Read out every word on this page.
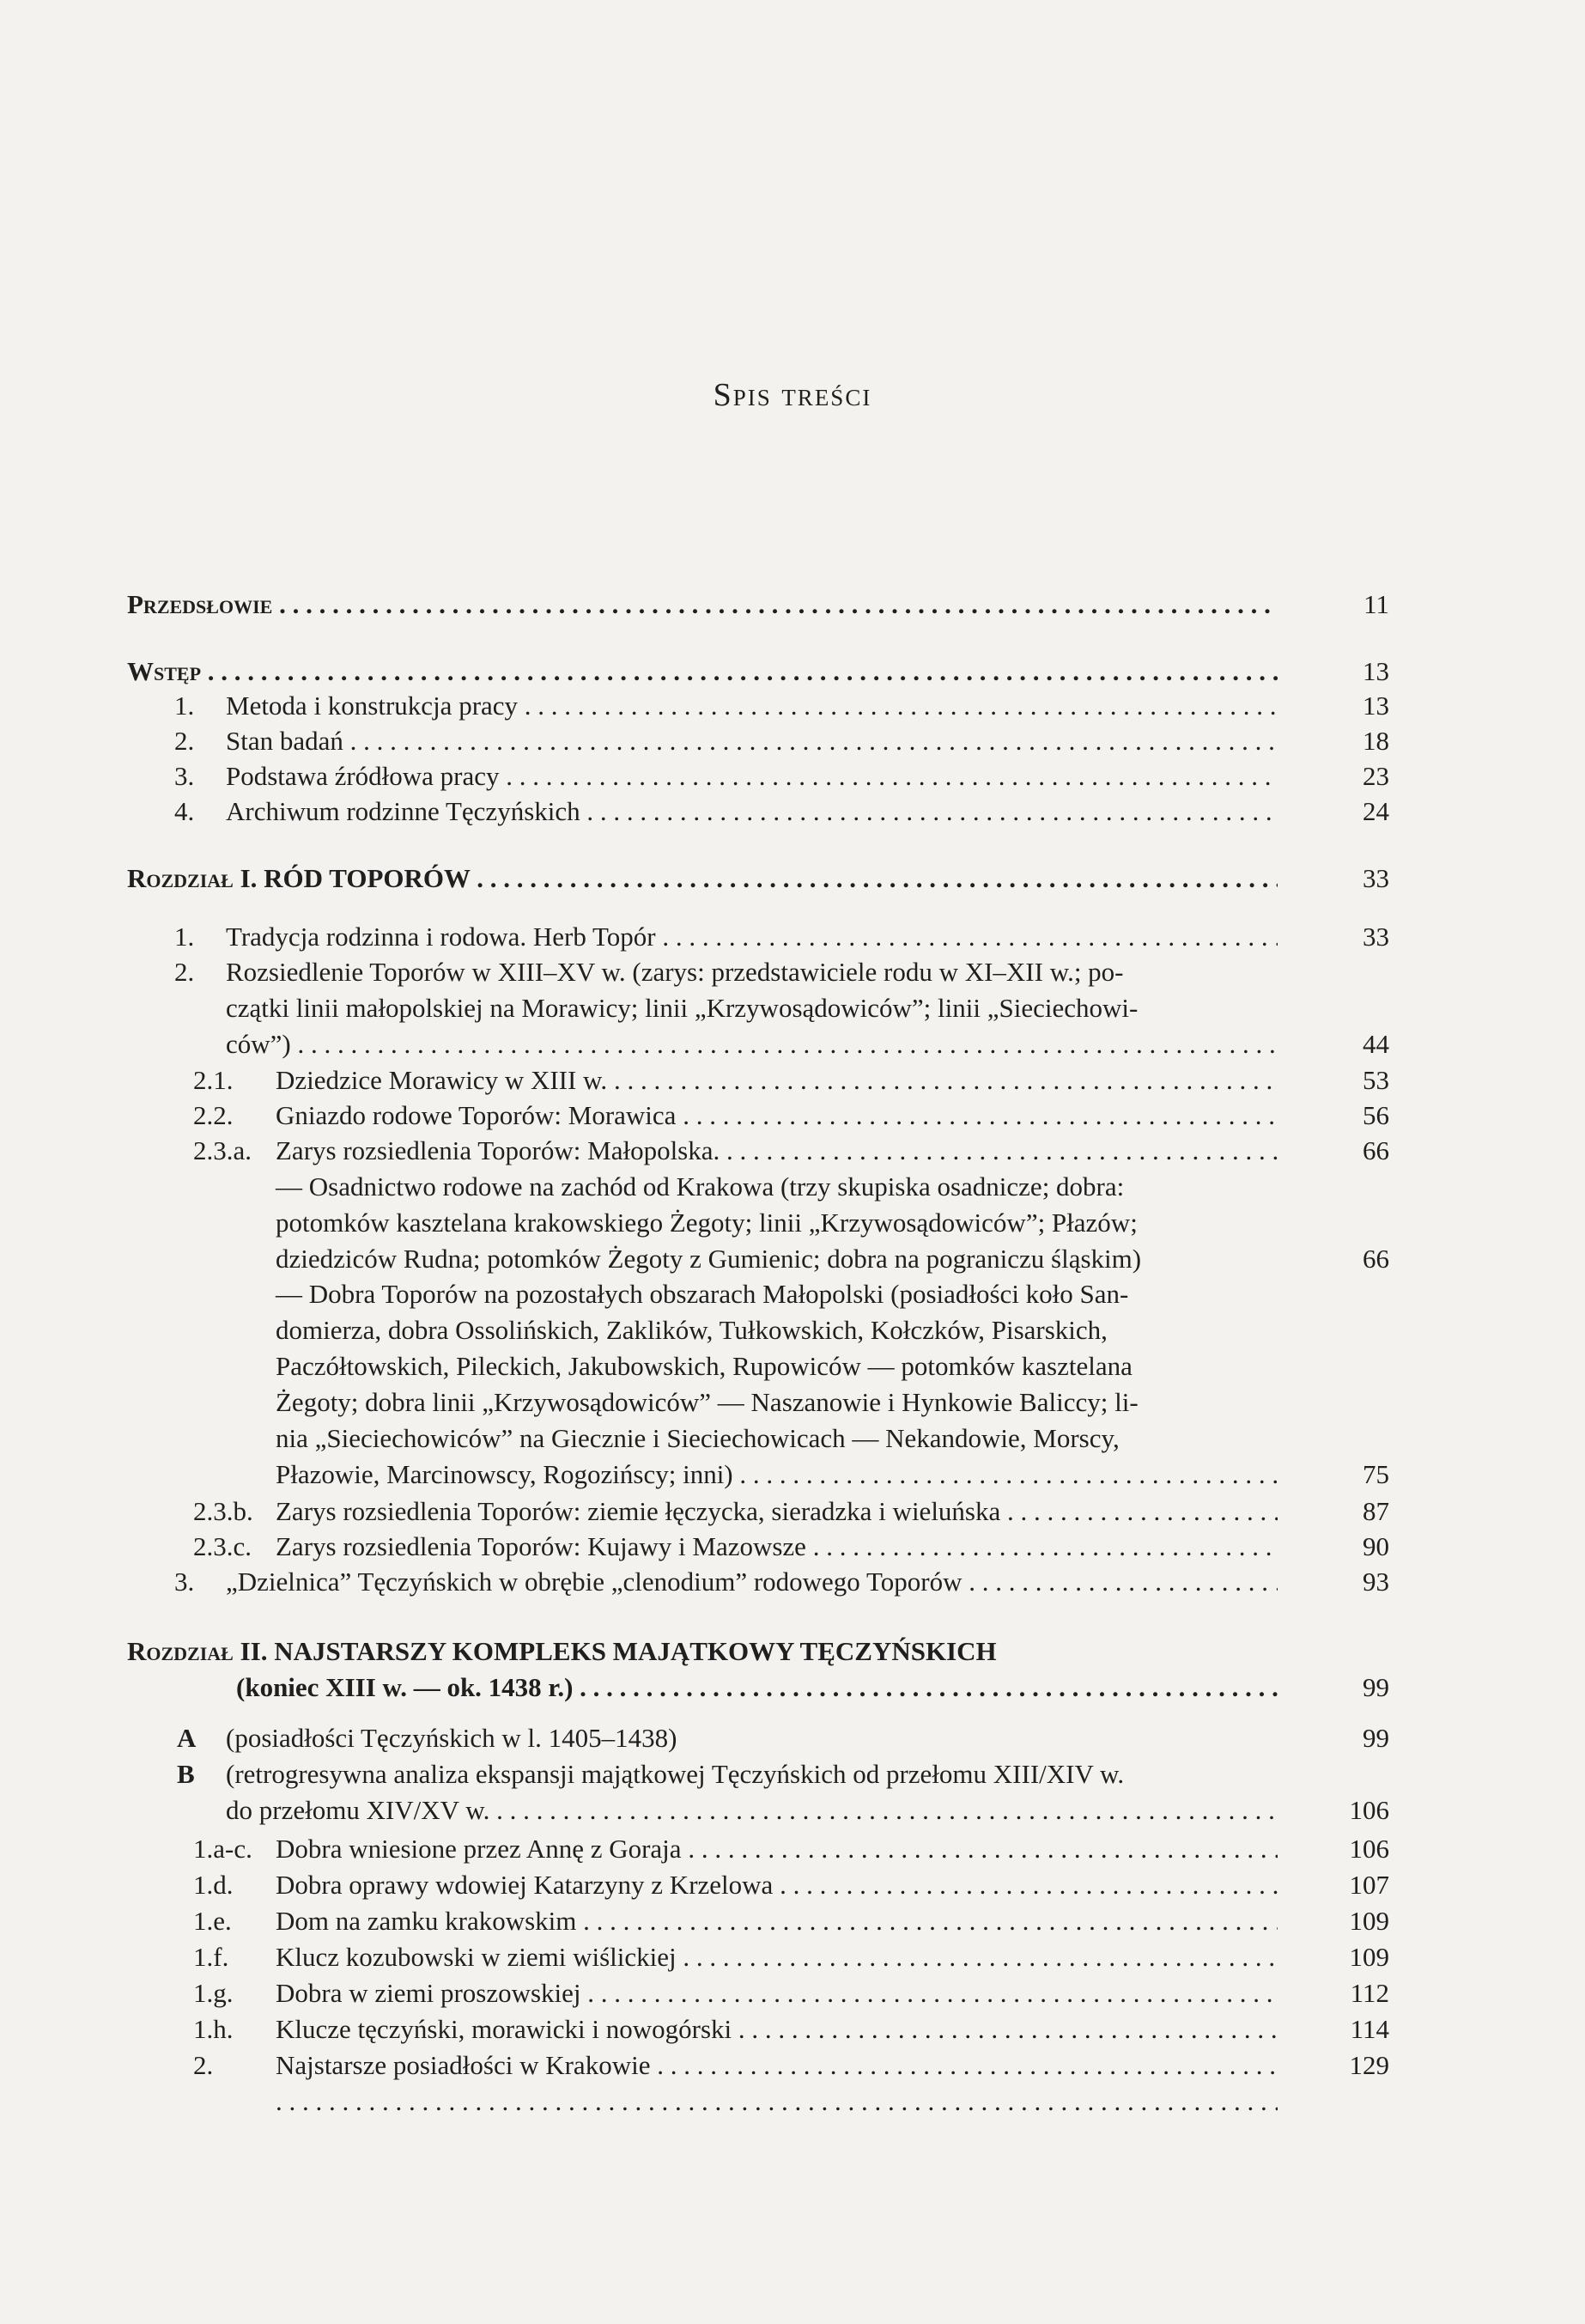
Spis treści
Przedsłowie . . .	11
Wstęp . . .	13
1. Metoda i konstrukcja pracy . . .	13
2. Stan badań . . .	18
3. Podstawa źródłowa pracy . . .	23
4. Archiwum rodzinne Tęczyńskich . . .	24
Rozdział I. RÓD TOPORÓW . . .	33
1. Tradycja rodzinna i rodowa. Herb Topór . . .	33
2. Rozsiedlenie Toporów w XIII–XV w. (zarys: przedstawiciele rodu w XI–XII w.; po-
czątki linii małopolskiej na Morawicy; linii „Krzywosądowiców”; linii „Sieciechowi-
ców”) . . .	44
2.1. Dziedzice Morawicy w XIII w. . . .	53
2.2. Gniazdo rodowe Toporów: Morawica . . .	56
2.3.a. Zarys rozsiedlenia Toporów: Małopolska. . . .	66
— Osadnictwo rodowe na zachód od Krakowa (trzy skupiska osadnicze; dobra:
potomków kasztelana krakowskiego Żegoty; linii „Krzywosądowiców”; Płazów;
dziedziców Rudna; potomków Żegoty z Gumienic; dobra na pograniczu śląskim)	66
— Dobra Toporów na pozostałych obszarach Małopolski (posiadłości koło San-
domierza, dobra Ossolińskich, Zaklików, Tułkowskich, Kołczków, Pisarskich,
Paczółtowskich, Pileckich, Jakubowskich, Rupowiców — potomków kasztelana
Żegoty; dobra linii „Krzywosądowiców” — Naszanowie i Hynkowie Baliccy; li-
nia „Sieciechowiców” na Giecznie i Sieciechowicach — Nekandowie, Morscy,
Płazowie, Marcinowscy, Rogozińscy; inni) . . .	75
2.3.b. Zarys rozsiedlenia Toporów: ziemie łęczycka, sieradzka i wieluńska . . .	87
2.3.c. Zarys rozsiedlenia Toporów: Kujawy i Mazowsze . . .	90
3. „Dzielnica” Tęczyńskich w obrębie „clenodium” rodowego Toporów . . .	93
Rozdział II. NAJSTARSZY KOMPLEKS MAJĄTKOWY TĘCZYŃSKICH
(koniec XIII w. — ok. 1438 r.) . . .	99
A (posiadłości Tęczyńskich w l. 1405–1438)	99
B (retrogresywna analiza ekspansji majątkowej Tęczyńskich od przełomu XIII/XIV w.
do przełomu XIV/XV w. . . .	106
1.a-c. Dobra wniesione przez Annę z Goraja . . .	106
1.d. Dobra oprawy wdowiej Katarzyny z Krzelowa . . .	107
1.e. Dom na zamku krakowskim . . .	109
1.f. Klucz kozubowski w ziemi wiślickiej . . .	109
1.g. Dobra w ziemi proszowskiej . . .	112
1.h. Klucze tęczyński, morawicki i nowogórski . . .	114
2. Najstarsze posiadłości w Krakowie . . .	129
. . .
